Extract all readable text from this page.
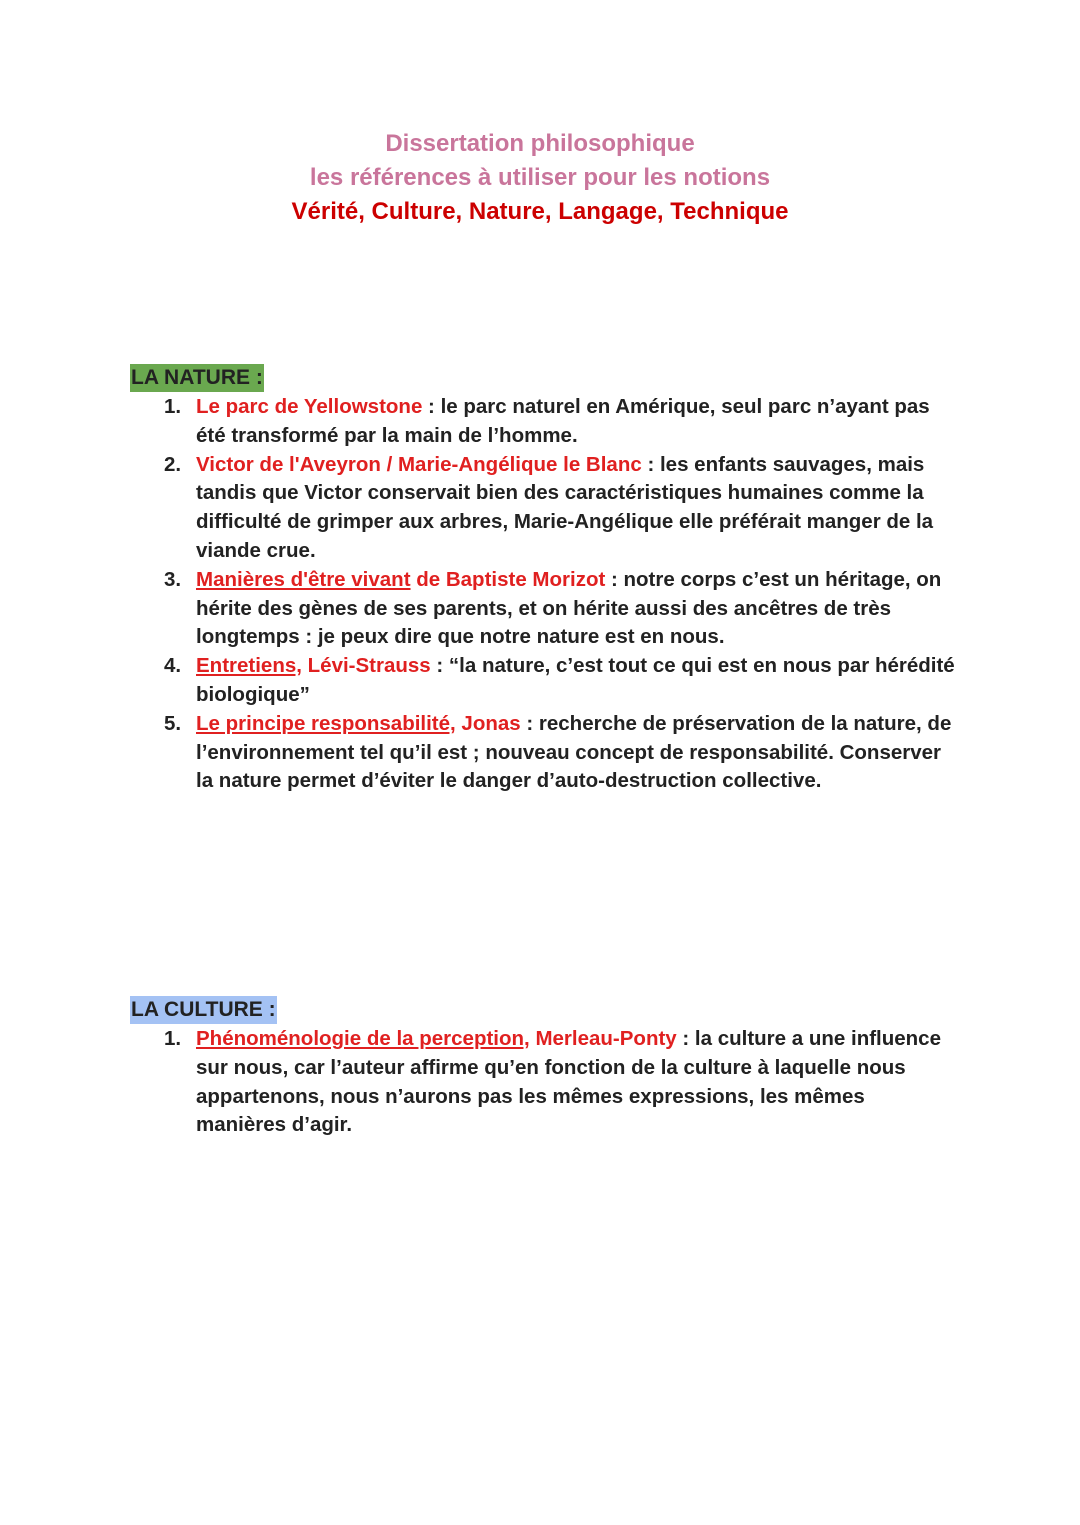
Dissertation philosophique
les références à utiliser pour les notions
Vérité, Culture, Nature, Langage, Technique
LA NATURE :
1. Le parc de Yellowstone : le parc naturel en Amérique, seul parc n’ayant pas été transformé par la main de l’homme.
2. Victor de l'Aveyron / Marie-Angélique le Blanc : les enfants sauvages, mais tandis que Victor conservait bien des caractéristiques humaines comme la difficulté de grimper aux arbres, Marie-Angélique elle préférait manger de la viande crue.
3. Manières d'être vivant de Baptiste Morizot : notre corps c’est un héritage, on hérite des gènes de ses parents, et on hérite aussi des ancêtres de très longtemps : je peux dire que notre nature est en nous.
4. Entretiens, Lévi-Strauss : “la nature, c’est tout ce qui est en nous par hérédité biologique”
5. Le principe responsabilité, Jonas : recherche de préservation de la nature, de l’environnement tel qu’il est ; nouveau concept de responsabilité. Conserver la nature permet d’éviter le danger d’auto-destruction collective.
LA CULTURE :
1. Phénoménologie de la perception, Merleau-Ponty : la culture a une influence sur nous, car l’auteur affirme qu’en fonction de la culture à laquelle nous appartenons, nous n’aurons pas les mêmes expressions, les mêmes manières d’agir.
